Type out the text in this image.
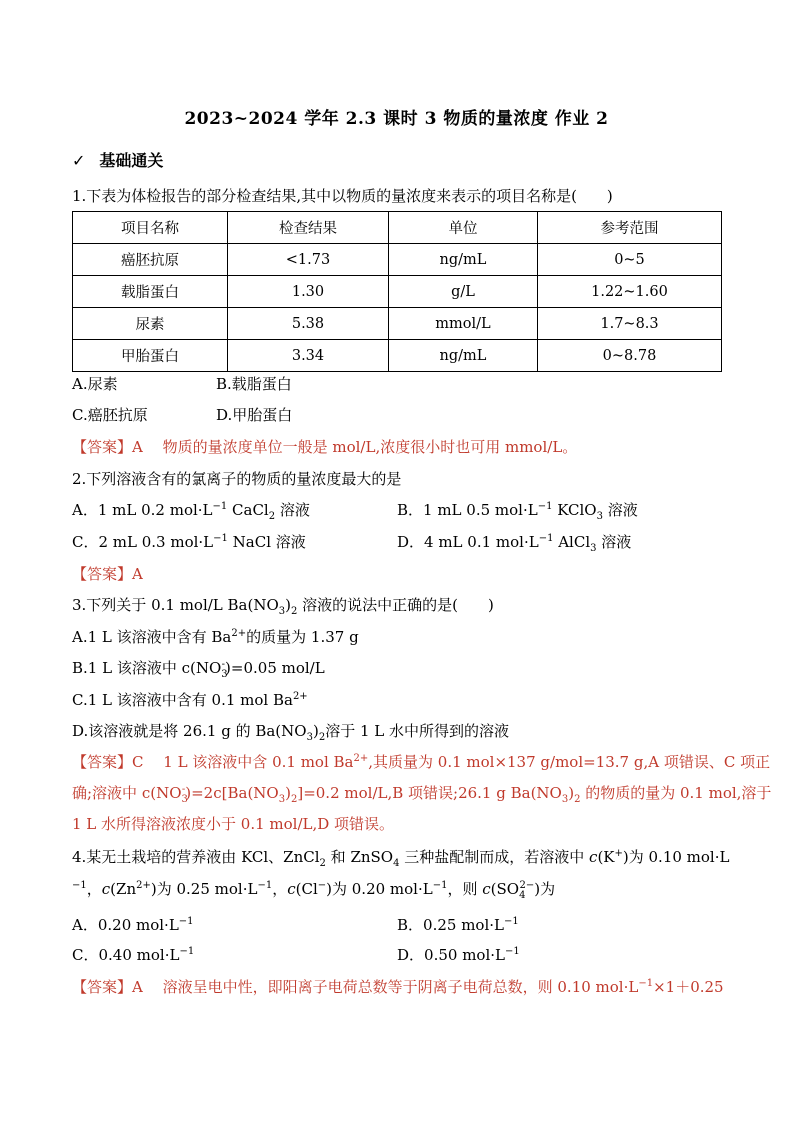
2023~2024 学年 2.3 课时 3 物质的量浓度 作业 2
✓ 基础通关
1.下表为体检报告的部分检查结果,其中以物质的量浓度来表示的项目名称是(　　)
项目名称	检查结果	单位	参考范围
癌胚抗原	<1.73	ng/mL	0~5
载脂蛋白	1.30	g/L	1.22~1.60
尿素	5.38	mmol/L	1.7~8.3
甲胎蛋白	3.34	ng/mL	0~8.78
A.尿素	B.载脂蛋白
C.癌胚抗原	D.甲胎蛋白
【答案】A　 物质的量浓度单位一般是 mol/L,浓度很小时也可用 mmol/L。
2.下列溶液含有的氯离子的物质的量浓度最大的是
A．1 mL 0.2 $mol\cdot L^{-1}$ CaCl$_2$ 溶液	B．1 mL 0.5 $mol\cdot L^{-1}$ KClO$_3$ 溶液
C．2 mL 0.3 $mol\cdot L^{-1}$ NaCl 溶液	D．4 mL 0.1 $mol\cdot L^{-1}$ AlCl$_3$ 溶液
【答案】A
3.下列关于 0.1 mol/L $Ba(NO_3)_2$ 溶液的说法中正确的是(　　)
A.1 L 该溶液中含有 $Ba^{2+}$的质量为 1.37 g
B.1 L 该溶液中 $c(NO_3^-)=0.05$ mol/L
C.1 L 该溶液中含有 0.1 mol $Ba^{2+}$
D.该溶液就是将 26.1 g 的 $Ba(NO_3)_2$溶于 1 L 水中所得到的溶液
【答案】C　 1 L 该溶液中含 0.1 mol $Ba^{2+}$,其质量为 0.1 mol×137 g/mol=13.7 g,A 项错误、C 项正
确;溶液中 $c(NO_3^-)=2c[Ba(NO_3)_2]=0.2$ mol/L,B 项错误;26.1 g $Ba(NO_3)_2$ 的物质的量为 0.1 mol,溶于
1 L 水所得溶液浓度小于 0.1 mol/L,D 项错误。
4.某无土栽培的营养液由 KCl、ZnCl$_2$ 和 ZnSO$_4$ 三种盐配制而成，若溶液中 c(K+)为 0.10 mol·L
$^{-1}$，$c(Zn^{2+})$为 0.25 $mol\cdot L^{-1}$，c(Cl−)为 0.20 $mol\cdot L^{-1}$，则 $c(SO_4^{2-})$为
A．0.20 $mol\cdot L^{-1}$	B．0.25 $mol\cdot L^{-1}$
C．0.40 $mol\cdot L^{-1}$	D．0.50 $mol\cdot L^{-1}$
【答案】A　 溶液呈电中性，即阳离子电荷总数等于阴离子电荷总数，则 0.10 $mol\cdot L^{-1}\times 1+0.25$
